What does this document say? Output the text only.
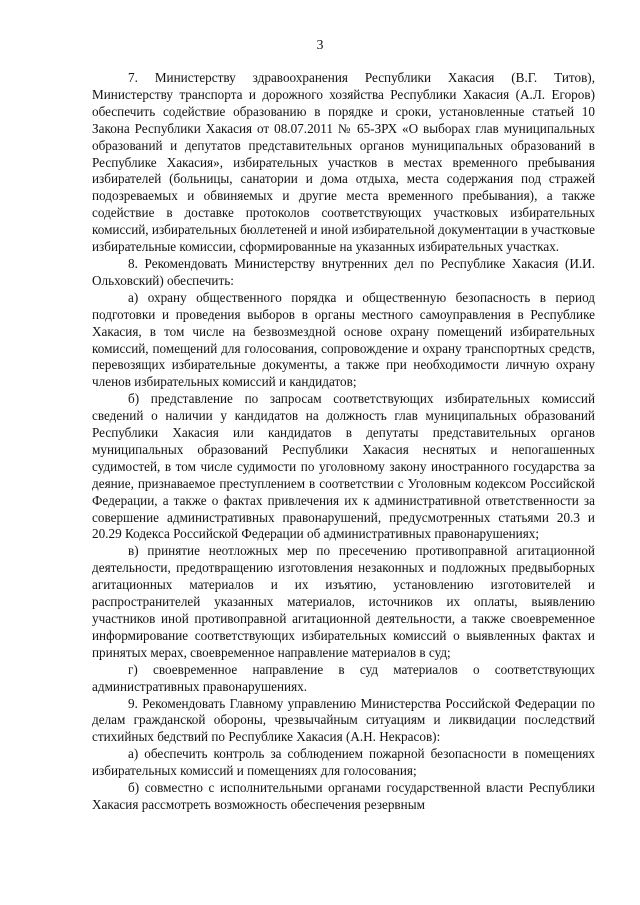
3

7. Министерству здравоохранения Республики Хакасия (В.Г. Титов), Министерству транспорта и дорожного хозяйства Республики Хакасия (А.Л. Егоров) обеспечить содействие образованию в порядке и сроки, установленные статьей 10 Закона Республики Хакасия от 08.07.2011 № 65-ЗРХ «О выборах глав муниципальных образований и депутатов представительных органов муниципальных образований в Республике Хакасия», избирательных участков в местах временного пребывания избирателей (больницы, санатории и дома отдыха, места содержания под стражей подозреваемых и обвиняемых и другие места временного пребывания), а также содействие в доставке протоколов соответствующих участковых избирательных комиссий, избирательных бюллетеней и иной избирательной документации в участковые избирательные комиссии, сформированные на указанных избирательных участках.

8. Рекомендовать Министерству внутренних дел по Республике Хакасия (И.И. Ольховский) обеспечить:

а) охрану общественного порядка и общественную безопасность в период подготовки и проведения выборов в органы местного самоуправления в Республике Хакасия, в том числе на безвозмездной основе охрану помещений избирательных комиссий, помещений для голосования, сопровождение и охрану транспортных средств, перевозящих избирательные документы, а также при необходимости личную охрану членов избирательных комиссий и кандидатов;

б) представление по запросам соответствующих избирательных комиссий сведений о наличии у кандидатов на должность глав муниципальных образований Республики Хакасия или кандидатов в депутаты представительных органов муниципальных образований Республики Хакасия неснятых и непогашенных судимостей, в том числе судимости по уголовному закону иностранного государства за деяние, признаваемое преступлением в соответствии с Уголовным кодексом Российской Федерации, а также о фактах привлечения их к административной ответственности за совершение административных правонарушений, предусмотренных статьями 20.3 и 20.29 Кодекса Российской Федерации об административных правонарушениях;

в) принятие неотложных мер по пресечению противоправной агитационной деятельности, предотвращению изготовления незаконных и подложных предвыборных агитационных материалов и их изъятию, установлению изготовителей и распространителей указанных материалов, источников их оплаты, выявлению участников иной противоправной агитационной деятельности, а также своевременное информирование соответствующих избирательных комиссий о выявленных фактах и принятых мерах, своевременное направление материалов в суд;

г) своевременное направление в суд материалов о соответствующих административных правонарушениях.

9. Рекомендовать Главному управлению Министерства Российской Федерации по делам гражданской обороны, чрезвычайным ситуациям и ликвидации последствий стихийных бедствий по Республике Хакасия (А.Н. Некрасов):

а) обеспечить контроль за соблюдением пожарной безопасности в помещениях избирательных комиссий и помещениях для голосования;

б) совместно с исполнительными органами государственной власти Республики Хакасия рассмотреть возможность обеспечения резервным
